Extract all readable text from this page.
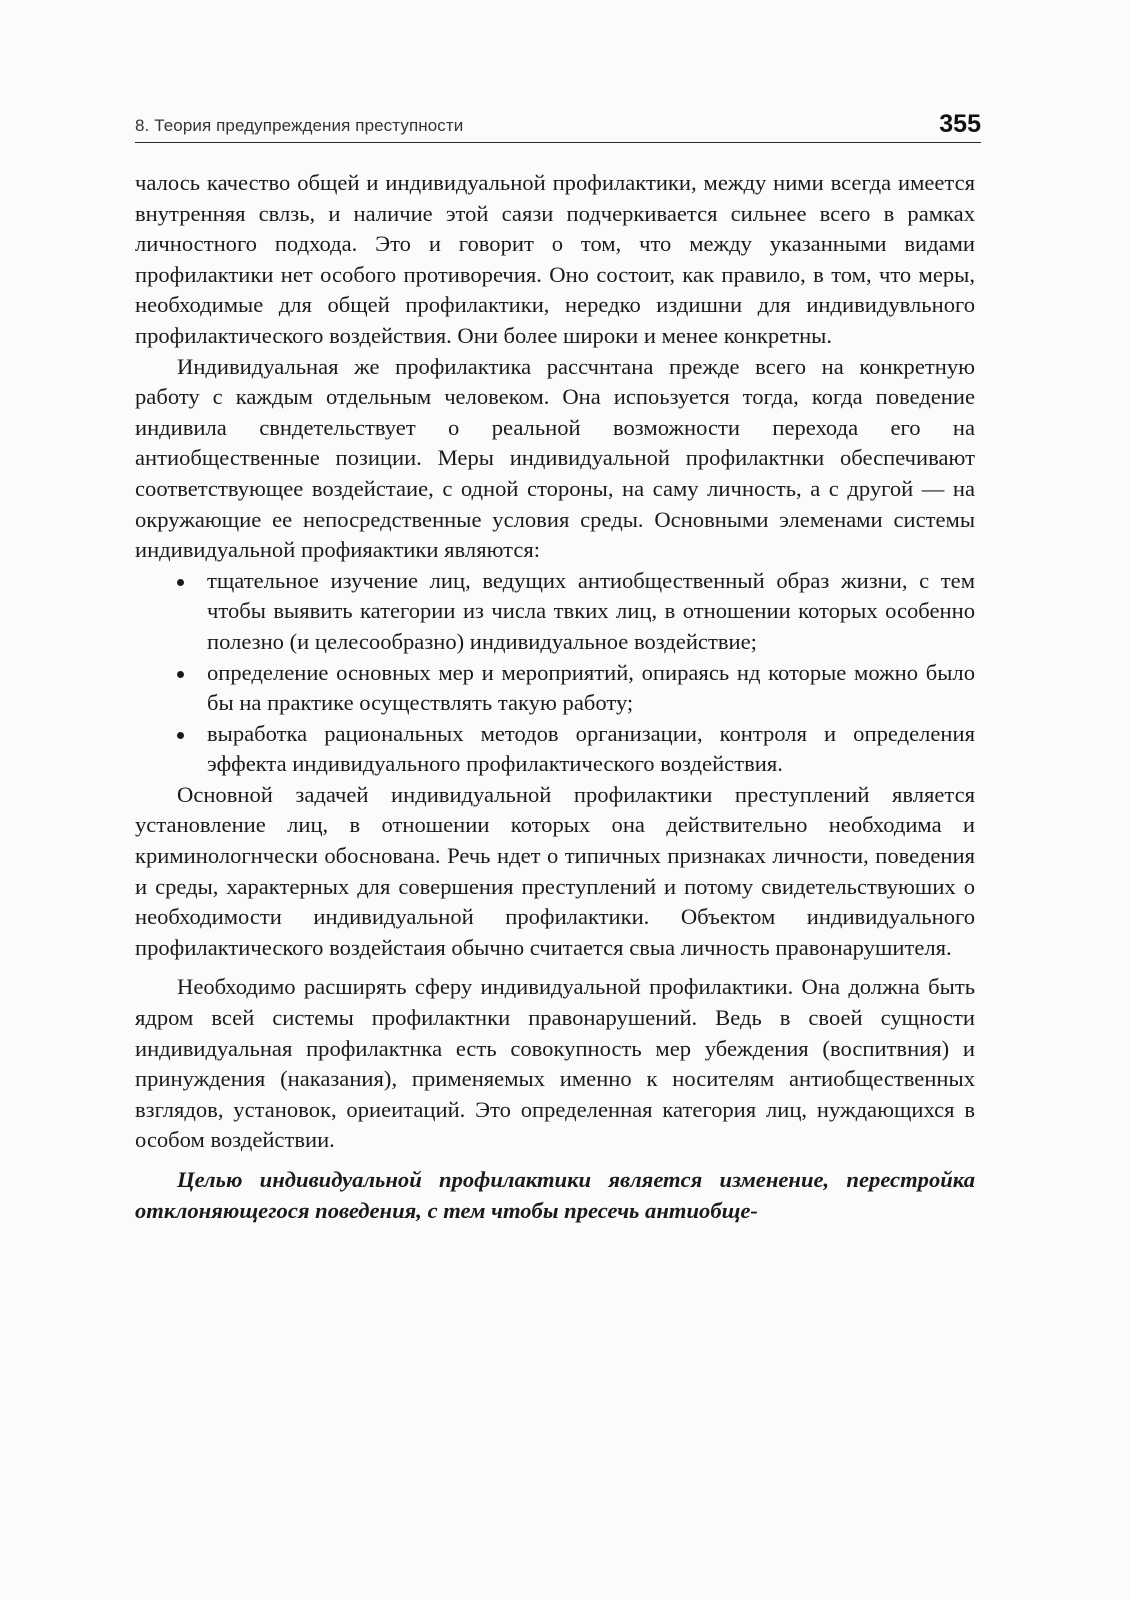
8. Теория предупреждения преступности	355

чалось качество общей и индивидуальной профилактики, между ними всегда имеется внутренняя свлзь, и наличие этой саязи подчеркивается сильнее всего в рамках личностного подхода. Это и говорит о том, что между указанными видами профилактики нет особого противоречия. Оно состоит, как правило, в том, что меры, необходимые для общей профилактики, нередко издишни для индивидувльного профилактического воздействия. Они более широки и менее конкретны.

Индивидуальная же профилактика рассчнтана прежде всего на конкретную работу с каждым отдельным человеком. Она испоьзуется тогда, когда поведение индивила свндетельствует о реальной возможности перехода его на антиобщественные позиции. Меры индивидуальной профилактнки обеспечивают соответствующее воздейстаие, с одной стороны, на саму личность, а с другой — на окружающие ее непосредственные условия среды. Основными элеменами системы индивидуальной профияактики являются:

тщательное изучение лиц, ведущих антиобщественный образ жизни, с тем чтобы выявить категории из числа твких лиц, в отношении которых особенно полезно (и целесообразно) индивидуальное воздействие;
определение основных мер и мероприятий, опираясь нд которые можно было бы на практике осуществлять такую работу;
выработка рациональных методов организации, контроля и определения эффекта индивидуального профилактического воздействия.

Основной задачей индивидуальной профилактики преступлений является установление лиц, в отношении которых она действительно необходима и криминологнчески обоснована. Речь ндет о типичных признаках личности, поведения и среды, характерных для совершения преступлений и потому свидетельствуюших о необходимости индивидуальной профилактики. Объектом индивидуального профилактического воздейстаия обычно считается свыа личность правонарушителя.

Необходимо расширять сферу индивидуальной профилактики. Она должна быть ядром всей системы профилактнки правонарушений. Ведь в своей сущности индивидуальная профилактнка есть совокупность мер убеждения (воспитвния) и принуждения (наказания), применяемых именно к носителям антиобщественных взглядов, установок, ориеитаций. Это определенная категория лиц, нуждающихся в особом воздействии.

Целью индивидуальной профилактики является изменение, перестройка отклоняющегося поведения, с тем чтобы пресечь антиобще-
